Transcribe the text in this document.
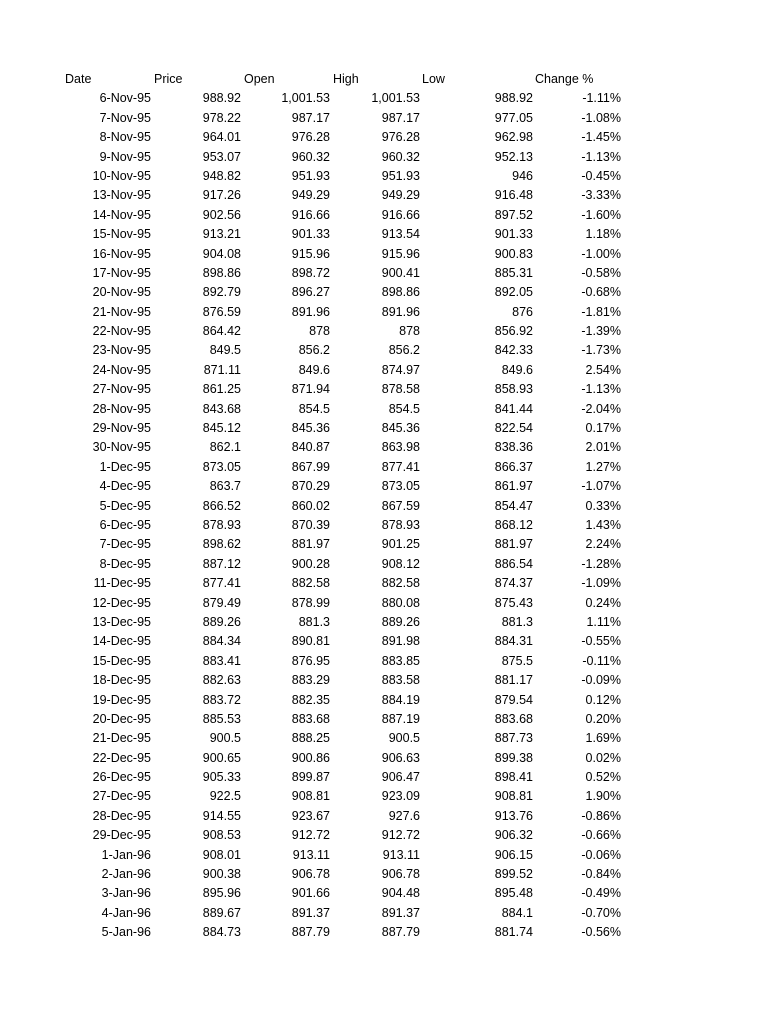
Date	Price	Open	High	Low	Change %
6-Nov-95	988.92	1,001.53	1,001.53	988.92	-1.11%
7-Nov-95	978.22	987.17	987.17	977.05	-1.08%
8-Nov-95	964.01	976.28	976.28	962.98	-1.45%
9-Nov-95	953.07	960.32	960.32	952.13	-1.13%
10-Nov-95	948.82	951.93	951.93	946	-0.45%
13-Nov-95	917.26	949.29	949.29	916.48	-3.33%
14-Nov-95	902.56	916.66	916.66	897.52	-1.60%
15-Nov-95	913.21	901.33	913.54	901.33	1.18%
16-Nov-95	904.08	915.96	915.96	900.83	-1.00%
17-Nov-95	898.86	898.72	900.41	885.31	-0.58%
20-Nov-95	892.79	896.27	898.86	892.05	-0.68%
21-Nov-95	876.59	891.96	891.96	876	-1.81%
22-Nov-95	864.42	878	878	856.92	-1.39%
23-Nov-95	849.5	856.2	856.2	842.33	-1.73%
24-Nov-95	871.11	849.6	874.97	849.6	2.54%
27-Nov-95	861.25	871.94	878.58	858.93	-1.13%
28-Nov-95	843.68	854.5	854.5	841.44	-2.04%
29-Nov-95	845.12	845.36	845.36	822.54	0.17%
30-Nov-95	862.1	840.87	863.98	838.36	2.01%
1-Dec-95	873.05	867.99	877.41	866.37	1.27%
4-Dec-95	863.7	870.29	873.05	861.97	-1.07%
5-Dec-95	866.52	860.02	867.59	854.47	0.33%
6-Dec-95	878.93	870.39	878.93	868.12	1.43%
7-Dec-95	898.62	881.97	901.25	881.97	2.24%
8-Dec-95	887.12	900.28	908.12	886.54	-1.28%
11-Dec-95	877.41	882.58	882.58	874.37	-1.09%
12-Dec-95	879.49	878.99	880.08	875.43	0.24%
13-Dec-95	889.26	881.3	889.26	881.3	1.11%
14-Dec-95	884.34	890.81	891.98	884.31	-0.55%
15-Dec-95	883.41	876.95	883.85	875.5	-0.11%
18-Dec-95	882.63	883.29	883.58	881.17	-0.09%
19-Dec-95	883.72	882.35	884.19	879.54	0.12%
20-Dec-95	885.53	883.68	887.19	883.68	0.20%
21-Dec-95	900.5	888.25	900.5	887.73	1.69%
22-Dec-95	900.65	900.86	906.63	899.38	0.02%
26-Dec-95	905.33	899.87	906.47	898.41	0.52%
27-Dec-95	922.5	908.81	923.09	908.81	1.90%
28-Dec-95	914.55	923.67	927.6	913.76	-0.86%
29-Dec-95	908.53	912.72	912.72	906.32	-0.66%
1-Jan-96	908.01	913.11	913.11	906.15	-0.06%
2-Jan-96	900.38	906.78	906.78	899.52	-0.84%
3-Jan-96	895.96	901.66	904.48	895.48	-0.49%
4-Jan-96	889.67	891.37	891.37	884.1	-0.70%
5-Jan-96	884.73	887.79	887.79	881.74	-0.56%
